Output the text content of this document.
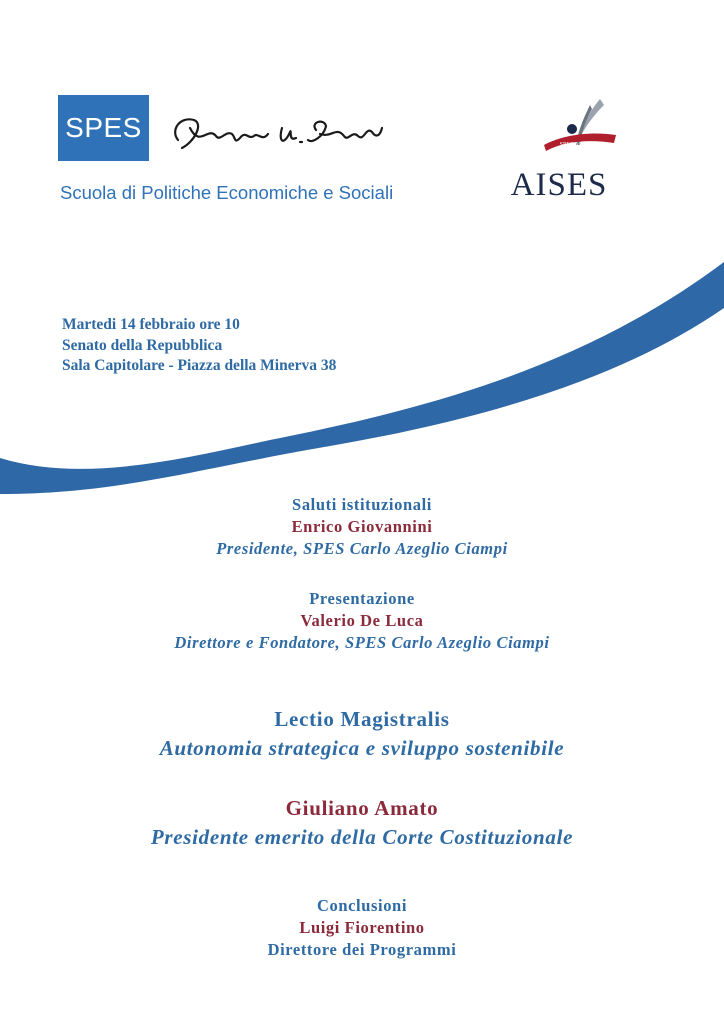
SPES
Scuola di Politiche Economiche e Sociali
SPES AD SPEM
AISES
Martedi 14 febbraio ore 10
Senato della Repubblica
Sala Capitolare - Piazza della Minerva 38
Saluti istituzionali
Enrico Giovannini
Presidente, SPES Carlo Azeglio Ciampi
Presentazione
Valerio De Luca
Direttore e Fondatore, SPES Carlo Azeglio Ciampi
Lectio Magistralis
Autonomia strategica e sviluppo sostenibile
Giuliano Amato
Presidente emerito della Corte Costituzionale
Conclusioni
Luigi Fiorentino
Direttore dei Programmi
